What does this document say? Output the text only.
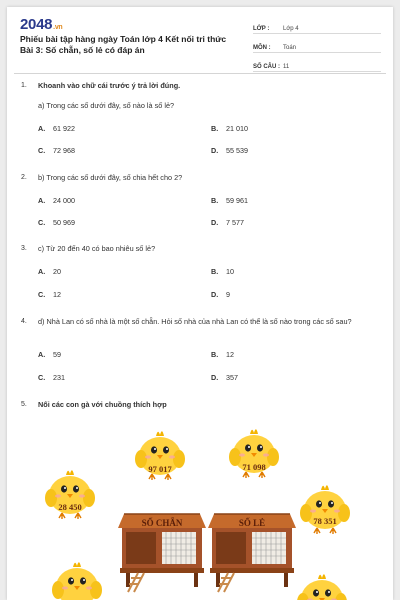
2048.vn
Phiếu bài tập hàng ngày Toán lớp 4 Kết nối tri thức Bài 3: Số chẵn, số lẻ có đáp án
LỚP :	Lớp 4
MÔN :	Toán
SỐ CÂU : 11
1. Khoanh vào chữ cái trước ý trả lời đúng.
a) Trong các số dưới đây, số nào là số lẻ?
A. 61 922	B. 21 010
C. 72 968	D. 55 539
2. b) Trong các số dưới đây, số chia hết cho 2?
A. 24 000	B. 59 961
C. 50 969	D. 7 577
3. c) Từ 20 đến 40 có bao nhiêu số lẻ?
A. 20	B. 10
C. 12	D. 9
4. d) Nhà Lan có số nhà là một số chẵn. Hỏi số nhà của nhà Lan có thể là số nào trong các số sau?
A. 59	B. 12
C. 231	D. 357
5. Nối các con gà với chuồng thích hợp
97 017	71 098
28 450
78 351
SỐ CHẴN	SỐ LẺ
